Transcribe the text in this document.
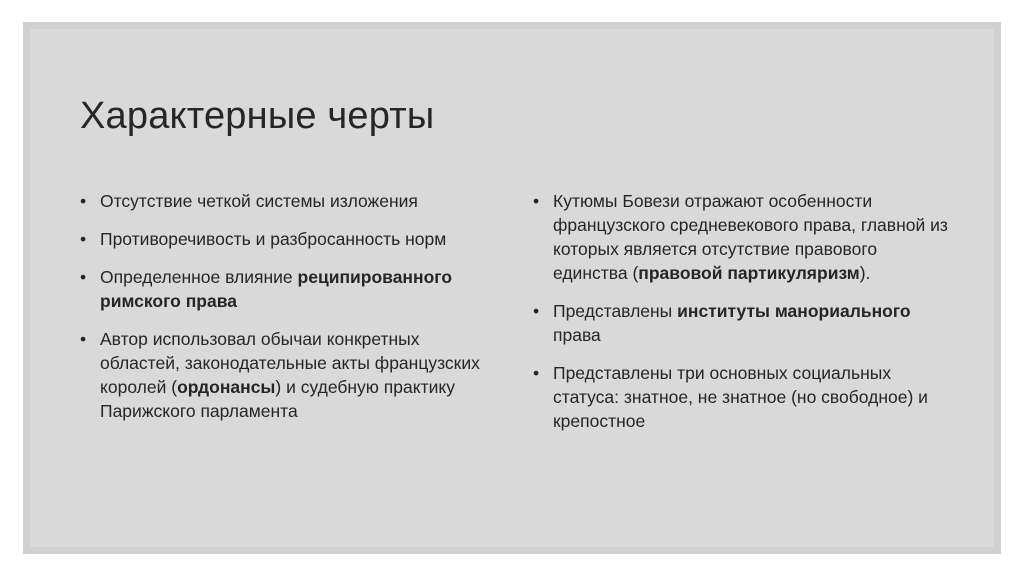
Характерные черты
• Отсутствие четкой системы изложения
• Противоречивость и разбросанность норм
• Определенное влияние реципированного римского права
• Автор использовал обычаи конкретных областей, законодательные акты французских королей (ордонансы) и судебную практику Парижского парламента
• Кутюмы Бовези отражают особенности французского средневекового права, главной из которых является отсутствие правового единства (правовой партикуляризм).
• Представлены институты манориального права
• Представлены три основных социальных статуса: знатное, не знатное (но свободное) и крепостное
